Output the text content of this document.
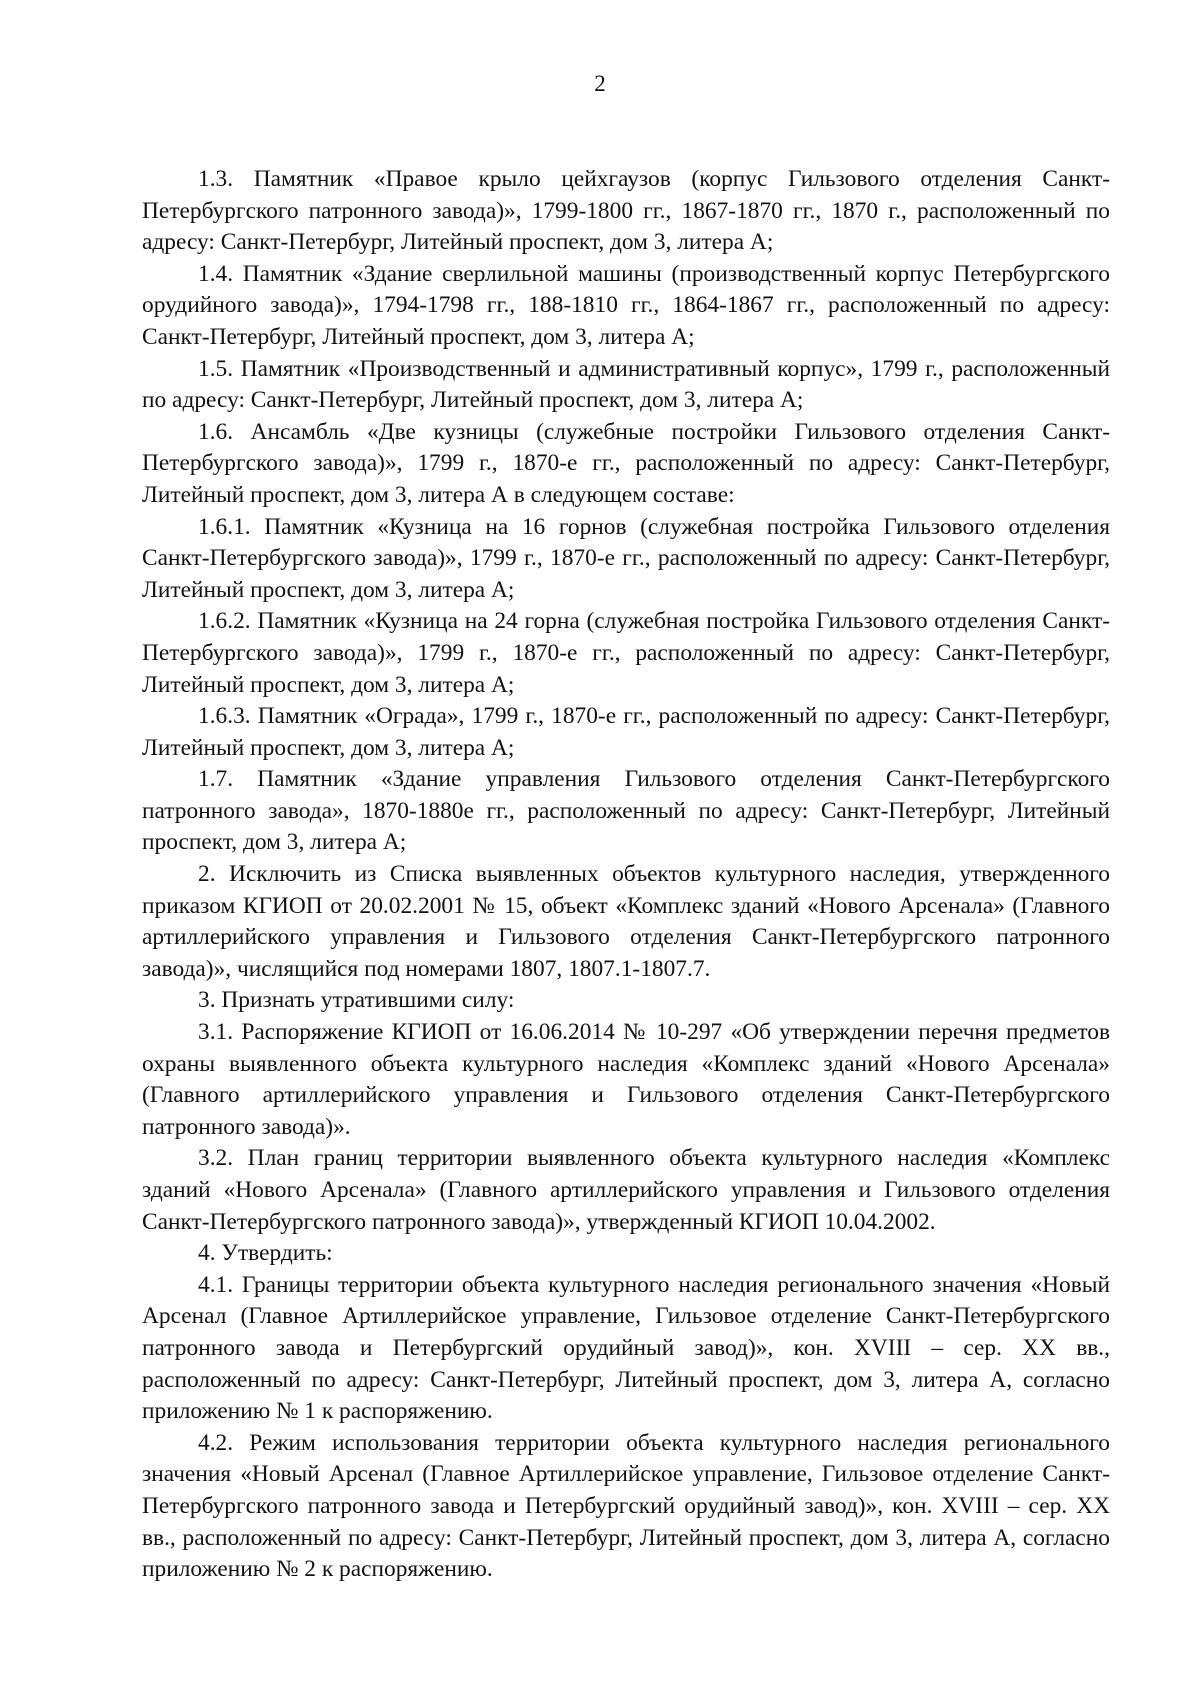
2

1.3. Памятник «Правое крыло цейхгаузов (корпус Гильзового отделения Санкт-Петербургского патронного завода)», 1799-1800 гг., 1867-1870 гг., 1870 г., расположенный по адресу: Санкт-Петербург, Литейный проспект, дом 3, литера А;

1.4. Памятник «Здание сверлильной машины (производственный корпус Петербургского орудийного завода)», 1794-1798 гг., 188-1810 гг., 1864-1867 гг., расположенный по адресу: Санкт-Петербург, Литейный проспект, дом 3, литера А;

1.5. Памятник «Производственный и административный корпус», 1799 г., расположенный по адресу: Санкт-Петербург, Литейный проспект, дом 3, литера А;

1.6. Ансамбль «Две кузницы (служебные постройки Гильзового отделения Санкт-Петербургского завода)», 1799 г., 1870-е гг., расположенный по адресу: Санкт-Петербург, Литейный проспект, дом 3, литера А в следующем составе:

1.6.1. Памятник «Кузница на 16 горнов (служебная постройка Гильзового отделения Санкт-Петербургского завода)», 1799 г., 1870-е гг., расположенный по адресу: Санкт-Петербург, Литейный проспект, дом 3, литера А;

1.6.2. Памятник «Кузница на 24 горна (служебная постройка Гильзового отделения Санкт-Петербургского завода)», 1799 г., 1870-е гг., расположенный по адресу: Санкт-Петербург, Литейный проспект, дом 3, литера А;

1.6.3. Памятник «Ограда», 1799 г., 1870-е гг., расположенный по адресу: Санкт-Петербург, Литейный проспект, дом 3, литера А;

1.7. Памятник «Здание управления Гильзового отделения Санкт-Петербургского патронного завода», 1870-1880е гг., расположенный по адресу: Санкт-Петербург, Литейный проспект, дом 3, литера А;

2. Исключить из Списка выявленных объектов культурного наследия, утвержденного приказом КГИОП от 20.02.2001 № 15, объект «Комплекс зданий «Нового Арсенала» (Главного артиллерийского управления и Гильзового отделения Санкт-Петербургского патронного завода)», числящийся под номерами 1807, 1807.1-1807.7.

3. Признать утратившими силу:

3.1. Распоряжение КГИОП от 16.06.2014 № 10-297 «Об утверждении перечня предметов охраны выявленного объекта культурного наследия «Комплекс зданий «Нового Арсенала» (Главного артиллерийского управления и Гильзового отделения Санкт-Петербургского патронного завода)».

3.2. План границ территории выявленного объекта культурного наследия «Комплекс зданий «Нового Арсенала» (Главного артиллерийского управления и Гильзового отделения Санкт-Петербургского патронного завода)», утвержденный КГИОП 10.04.2002.

4. Утвердить:

4.1. Границы территории объекта культурного наследия регионального значения «Новый Арсенал (Главное Артиллерийское управление, Гильзовое отделение Санкт-Петербургского патронного завода и Петербургский орудийный завод)», кон. XVIII – сер. XX вв., расположенный по адресу: Санкт-Петербург, Литейный проспект, дом 3, литера А, согласно приложению № 1 к распоряжению.

4.2. Режим использования территории объекта культурного наследия регионального значения «Новый Арсенал (Главное Артиллерийское управление, Гильзовое отделение Санкт-Петербургского патронного завода и Петербургский орудийный завод)», кон. XVIII – сер. XX вв., расположенный по адресу: Санкт-Петербург, Литейный проспект, дом 3, литера А, согласно приложению № 2 к распоряжению.
